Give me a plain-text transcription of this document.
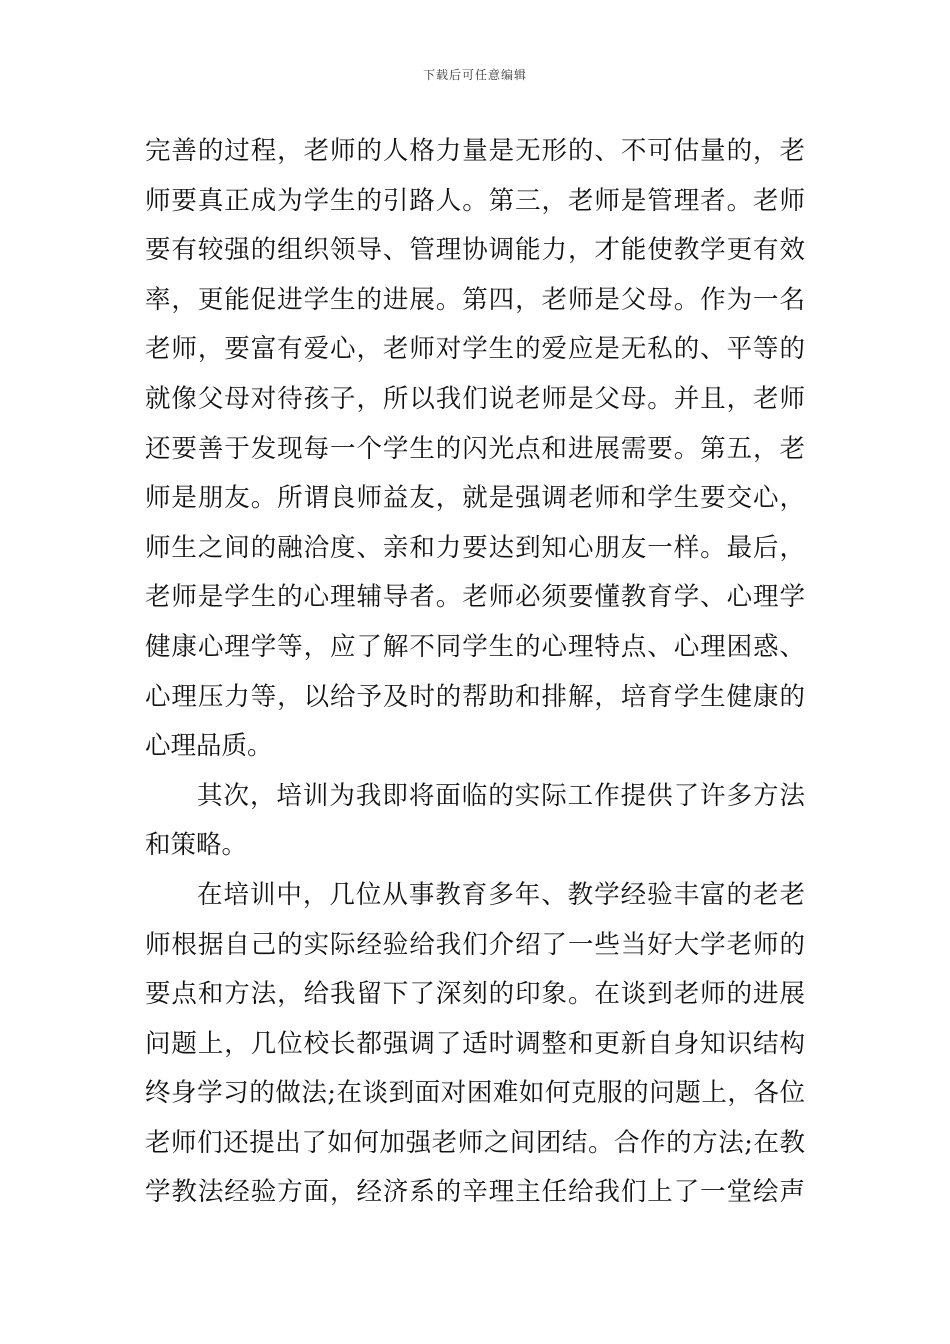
下载后可任意编辑
完善的过程，老师的人格力量是无形的、不可估量的，老
师要真正成为学生的引路人。第三，老师是管理者。老师
要有较强的组织领导、管理协调能力，才能使教学更有效
率，更能促进学生的进展。第四，老师是父母。作为一名
老师，要富有爱心，老师对学生的爱应是无私的、平等的
就像父母对待孩子，所以我们说老师是父母。并且，老师
还要善于发现每一个学生的闪光点和进展需要。第五，老
师是朋友。所谓良师益友，就是强调老师和学生要交心，
师生之间的融洽度、亲和力要达到知心朋友一样。最后，
老师是学生的心理辅导者。老师必须要懂教育学、心理学
健康心理学等，应了解不同学生的心理特点、心理困惑、
心理压力等，以给予及时的帮助和排解，培育学生健康的
心理品质。
其次，培训为我即将面临的实际工作提供了许多方法
和策略。
在培训中，几位从事教育多年、教学经验丰富的老老
师根据自己的实际经验给我们介绍了一些当好大学老师的
要点和方法，给我留下了深刻的印象。在谈到老师的进展
问题上，几位校长都强调了适时调整和更新自身知识结构
终身学习的做法;在谈到面对困难如何克服的问题上，各位
老师们还提出了如何加强老师之间团结。合作的方法;在教
学教法经验方面，经济系的辛理主任给我们上了一堂绘声
